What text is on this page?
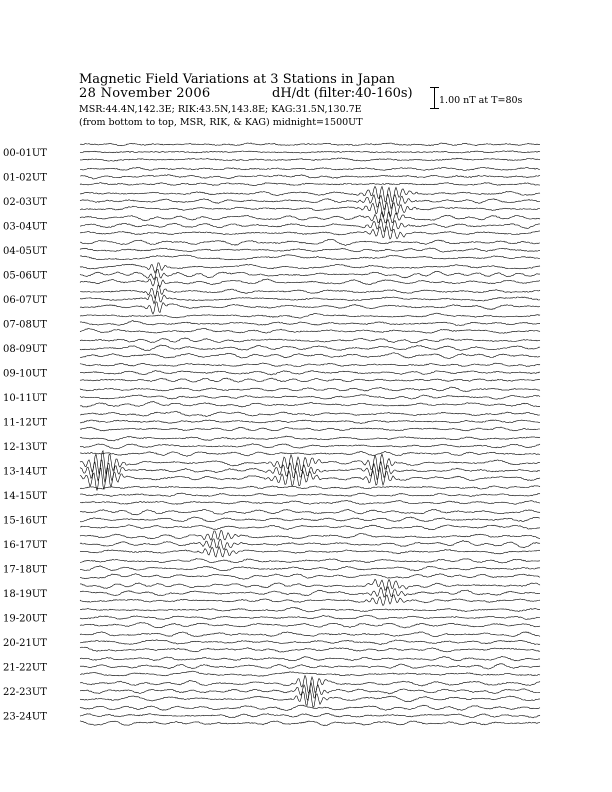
Magnetic Field Variations at 3 Stations in Japan
28 November 2006	dH/dt (filter:40-160s)
MSR:44.4N,142.3E; RIK:43.5N,143.8E; KAG:31.5N,130.7E
(from bottom to top, MSR, RIK, & KAG) midnight=1500UT
1.00 nT at T=80s
00-01UT
01-02UT
02-03UT
03-04UT
04-05UT
05-06UT
06-07UT
07-08UT
08-09UT
09-10UT
10-11UT
11-12UT
12-13UT
13-14UT
14-15UT
15-16UT
16-17UT
17-18UT
18-19UT
19-20UT
20-21UT
21-22UT
22-23UT
23-24UT
